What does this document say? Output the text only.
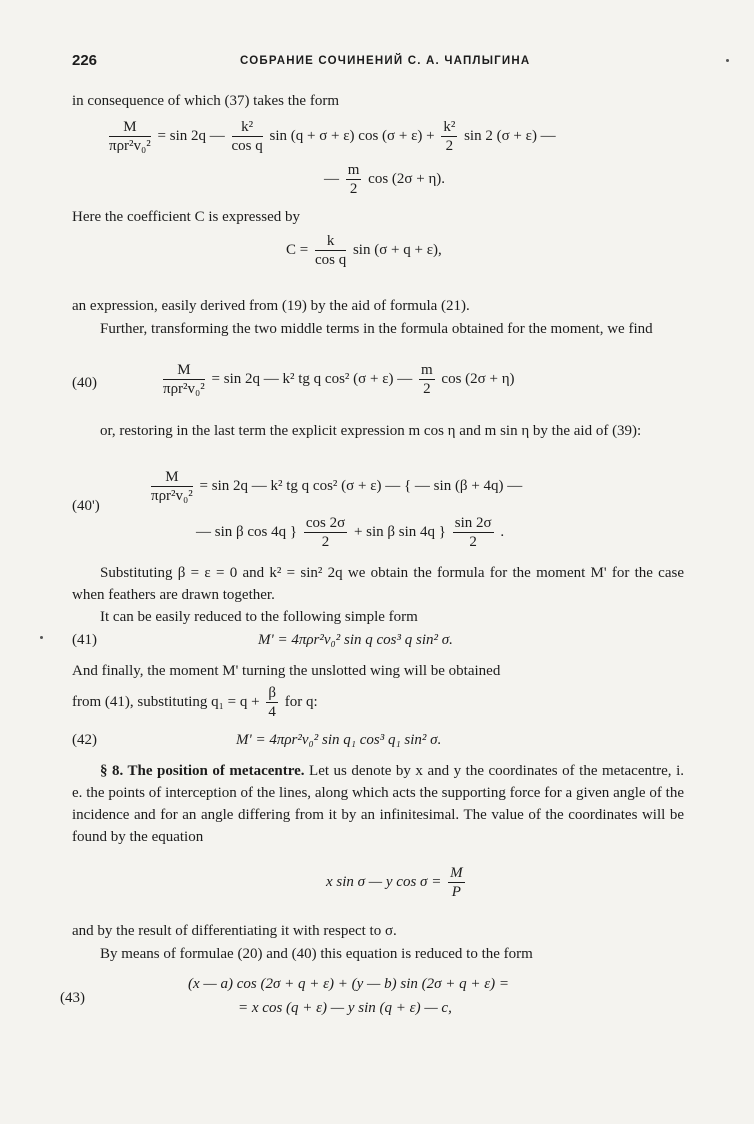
226	СОБРАНИЕ СОЧИНЕНИЙ С. А. ЧАПЛЫГИНА
in consequence of which (37) takes the form
$\frac{M}{\text{πρr²v₀²}} = \sin 2q$ — $\frac{\text{k²}}{\text{cos q}}$ sin (q + σ + ε) $\cos (\sigma + \varepsilon) + \frac{\text{k²}}{2}$ sin 2 (σ + ε) —
— $\frac{m}{2}$ cos (2σ + η).
Here the coefficient C is expressed by
$C = \frac{k}{\text{cos q}}$ sin (σ + q + ε),
an expression, easily derived from (19) by the aid of formula (21).
Further, transforming the two middle terms in the formula obtained for the moment, we find
(40)	$\frac{M}{\text{πρr²v₀²}} = \sin 2q$ — k² tg q cos² (σ + ε) — $\frac{m}{2}$ cos (2σ + η)
or, restoring in the last term the explicit expression m cos η and m sin η by the aid of (39):
(40')
$\frac{M}{\text{πρr²v₀²}} = \sin 2q$ — k² tg q cos² (σ + ε) — { — sin (β + 4q) —
— sin β cos 4q } $\frac{\cos 2\sigma}{2} + \sin \beta$ sin 4q } $\frac{\sin 2\sigma}{2}$ .
Substituting β = ε = 0 and k² = sin² 2q we obtain the formula for the moment M' for the case when feathers are drawn together.
It can be easily reduced to the following simple form
(41)	M' = 4πρr²v₀² sin q cos³ q sin² σ.
And finally, the moment M' turning the unslotted wing will be obtained
from (41), substituting $q_1 = q + \frac{\beta}{4}$ for q:
(42)	M' = 4πρr²v₀² sin q₁ cos³ q₁ sin² σ.
§ 8. The position of metacentre. Let us denote by x and y the coordinates of the metacentre, i. e. the points of interception of the lines, along which acts the supporting force for a given angle of the incidence and for an angle differing from it by an infinitesimal. The value of the coordinates will be found by the equation
x sin σ — y $\cos \sigma = \frac{M}{P}$
and by the result of differentiating it with respect to σ.
By means of formulae (20) and (40) this equation is reduced to the form
(43)
(x — a) cos (2σ + q + ε) + (y — b) sin (2σ + q + ε) =
= x cos (q + ε) — y sin (q + ε) — c,
